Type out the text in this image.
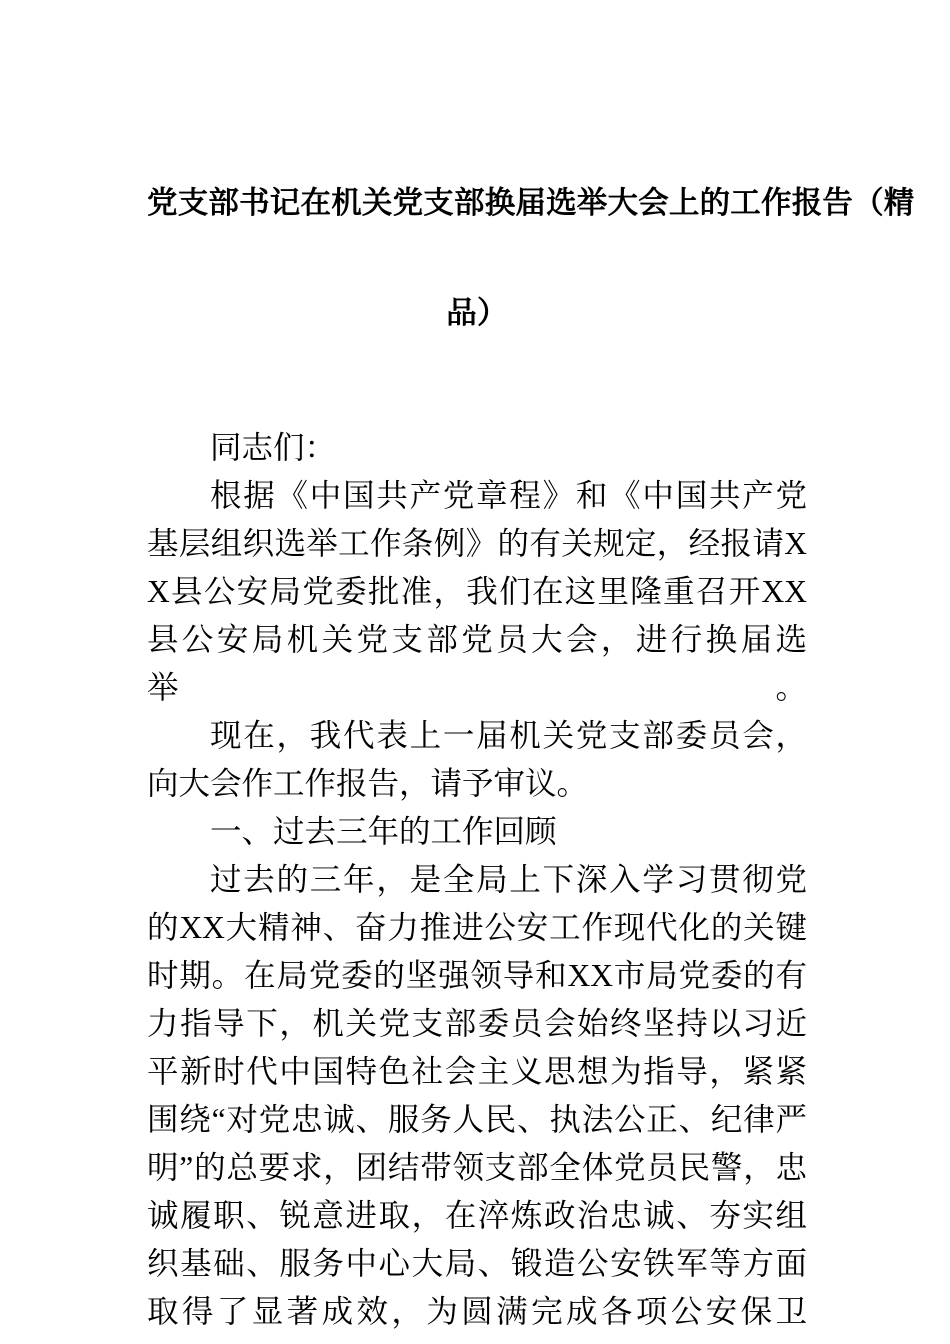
党支部书记在机关党支部换届选举大会上的工作报告（精
品）

同志们：

根据《中国共产党章程》和《中国共产党基层组织选举工作条例》的有关规定，经报请XX县公安局党委批准，我们在这里隆重召开XX县公安局机关党支部党员大会，进行换届选举。

现在，我代表上一届机关党支部委员会，向大会作工作报告，请予审议。

一、过去三年的工作回顾

过去的三年，是全局上下深入学习贯彻党的XX大精神、奋力推进公安工作现代化的关键时期。在局党委的坚强领导和XX市局党委的有力指导下，机关党支部委员会始终坚持以习近平新时代中国特色社会主义思想为指导，紧紧围绕“对党忠诚、服务人民、执法公正、纪律严明”的总要求，团结带领支部全体党员民警，忠诚履职、锐意进取，在淬炼政治忠诚、夯实组织基础、服务中心大局、锻造公安铁军等方面取得了显著成效，为圆满完成各项公安保卫
